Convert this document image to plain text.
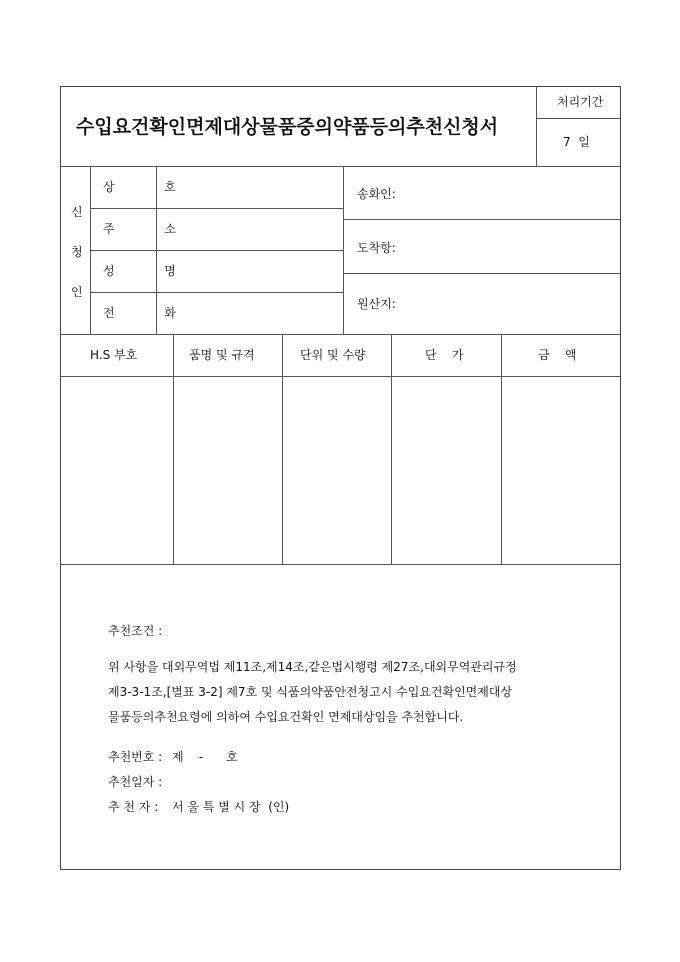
수입요건확인면제대상물품중의약품등의추천신청서
처리기간
7  일
신
청
인
상  호
주  소
성  명
전  화
송화인:
도착항:
원산지:
H.S 부호	품명 및 규격	단위 및 수량	단    가	금    액
추천조건 :
위 사항을 대외무역법 제11조,제14조,같은법시행령 제27조,대외무역관리규정
제3-3-1조,[별표 3-2] 제7호 및 식품의약품안전청고시 수입요건확인면제대상
물품등의추천요령에 의하여 수입요건확인 면제대상임을 추천합니다.
추천번호 : 제    -      호
추천일자 :
추 천 자 : 서 울 특 별 시 장  (인)
